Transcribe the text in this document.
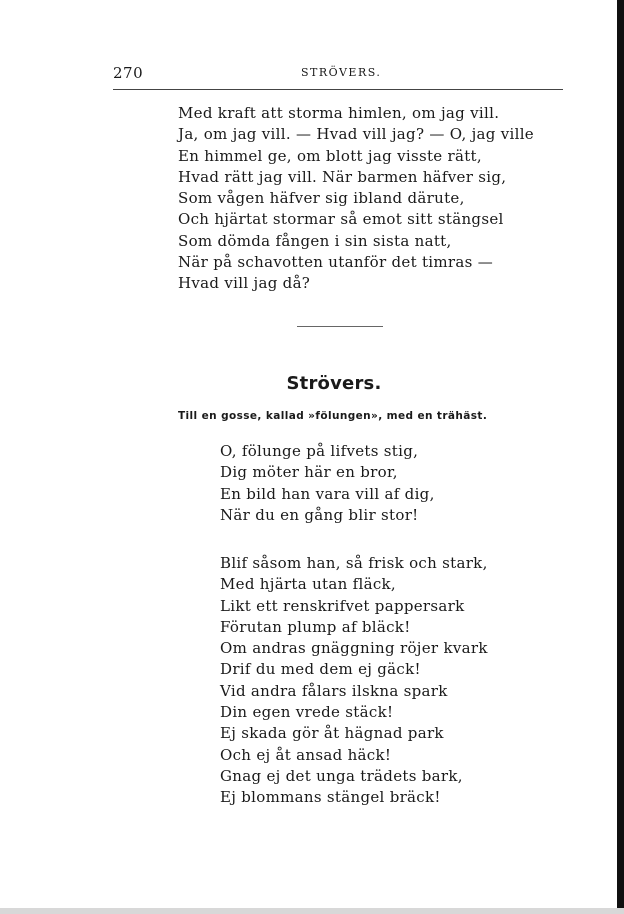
270	STRÖVERS.
Med kraft att storma himlen, om jag vill.
Ja, om jag vill. — Hvad vill jag? — O, jag ville
En himmel ge, om blott jag visste rätt,
Hvad rätt jag vill. När barmen häfver sig,
Som vågen häfver sig ibland därute,
Och hjärtat stormar så emot sitt stängsel
Som dömda fången i sin sista natt,
När på schavotten utanför det timras —
Hvad vill jag då?
Strövers.
Till en gosse, kallad »fölungen», med en trähäst.
O, fölunge på lifvets stig,
Dig möter här en bror,
En bild han vara vill af dig,
När du en gång blir stor!
Blif såsom han, så frisk och stark,
Med hjärta utan fläck,
Likt ett renskrifvet pappersark
Förutan plump af bläck!
Om andras gnäggning röjer kvark
Drif du med dem ej gäck!
Vid andra fålars ilskna spark
Din egen vrede stäck!
Ej skada gör åt hägnad park
Och ej åt ansad häck!
Gnag ej det unga trädets bark,
Ej blommans stängel bräck!
